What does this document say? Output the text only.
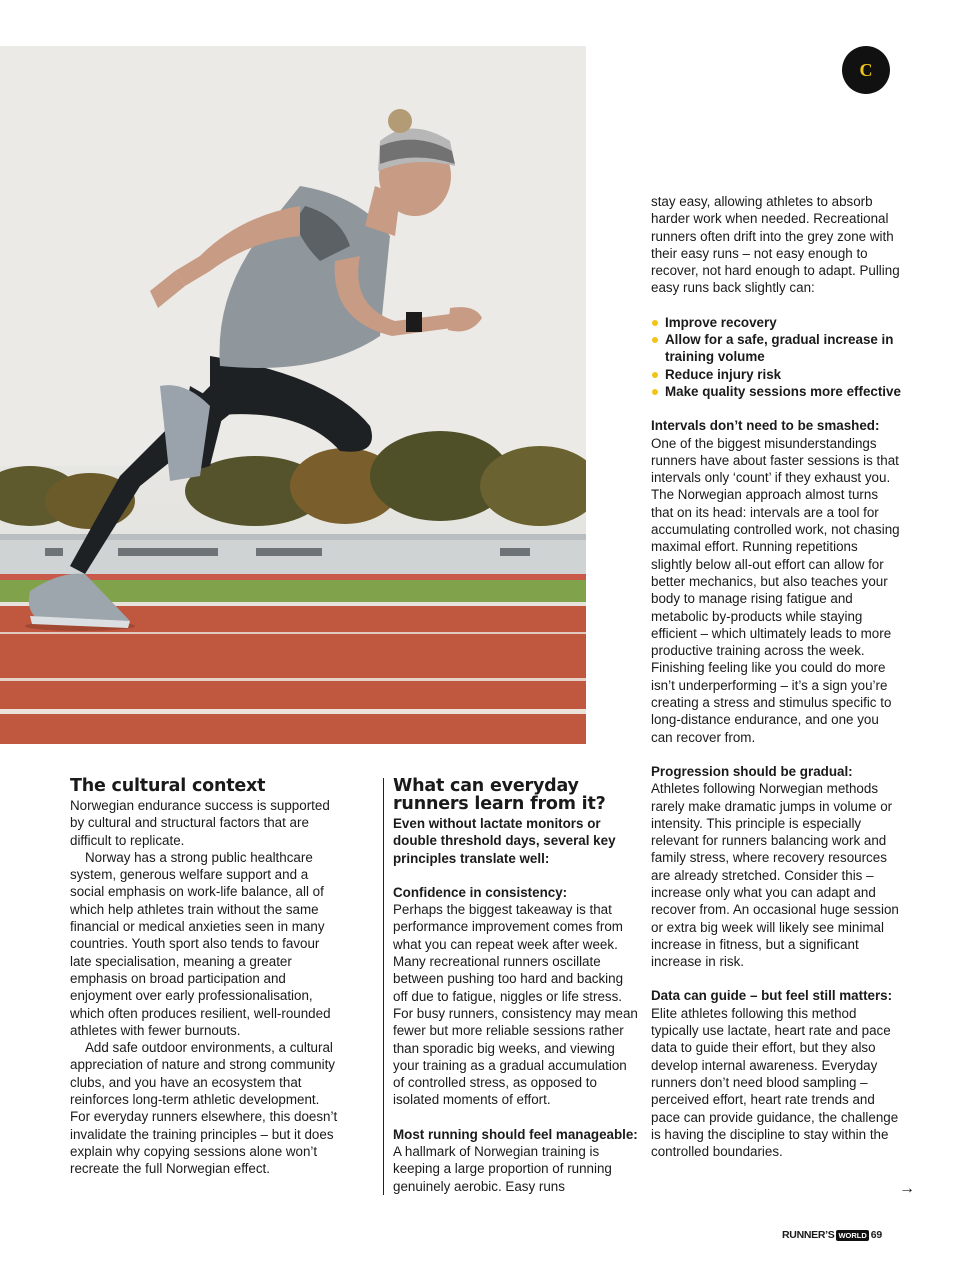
C
The cultural context

Norwegian endurance success is supported by cultural and structural factors that are difficult to replicate.

Norway has a strong public healthcare system, generous welfare support and a social emphasis on work-life balance, all of which help athletes train without the same financial or medical anxieties seen in many countries. Youth sport also tends to favour late specialisation, meaning a greater emphasis on broad participation and enjoyment over early professionalisation, which often produces resilient, well-rounded athletes with fewer burnouts.

Add safe outdoor environments, a cultural appreciation of nature and strong community clubs, and you have an ecosystem that reinforces long-term athletic development. For everyday runners elsewhere, this doesn’t invalidate the training principles – but it does explain why copying sessions alone won’t recreate the full Norwegian effect.

What can everyday runners learn from it?

Even without lactate monitors or double threshold days, several key principles translate well:

Confidence in consistency:

Perhaps the biggest takeaway is that performance improvement comes from what you can repeat week after week. Many recreational runners oscillate between pushing too hard and backing off due to fatigue, niggles or life stress. For busy runners, consistency may mean fewer but more reliable sessions rather than sporadic big weeks, and viewing your training as a gradual accumulation of controlled stress, as opposed to isolated moments of effort.

Most running should feel manageable: A hallmark of Norwegian training is keeping a large proportion of running genuinely aerobic. Easy runs

stay easy, allowing athletes to absorb harder work when needed. Recreational runners often drift into the grey zone with their easy runs – not easy enough to recover, not hard enough to adapt. Pulling easy runs back slightly can:

Improve recovery
Allow for a safe, gradual increase in training volume
Reduce injury risk
Make quality sessions more effective

Intervals don’t need to be smashed:

One of the biggest misunderstandings runners have about faster sessions is that intervals only ‘count’ if they exhaust you. The Norwegian approach almost turns that on its head: intervals are a tool for accumulating controlled work, not chasing maximal effort. Running repetitions slightly below all-out effort can allow for better mechanics, but also teaches your body to manage rising fatigue and metabolic by-products while staying efficient – which ultimately leads to more productive training across the week. Finishing feeling like you could do more isn’t underperforming – it’s a sign you’re creating a stress and stimulus specific to long-distance endurance, and one you can recover from.

Progression should be gradual:

Athletes following Norwegian methods rarely make dramatic jumps in volume or intensity. This principle is especially relevant for runners balancing work and family stress, where recovery resources are already stretched. Consider this – increase only what you can adapt and recover from. An occasional huge session or extra big week will likely see minimal increase in fitness, but a significant increase in risk.

Data can guide – but feel still matters: Elite athletes following this method typically use lactate, heart rate and pace data to guide their effort, but they also develop internal awareness. Everyday runners don’t need blood sampling – perceived effort, heart rate trends and pace can provide guidance, the challenge is having the discipline to stay within the controlled boundaries.

→
RUNNER’S WORLD 69
